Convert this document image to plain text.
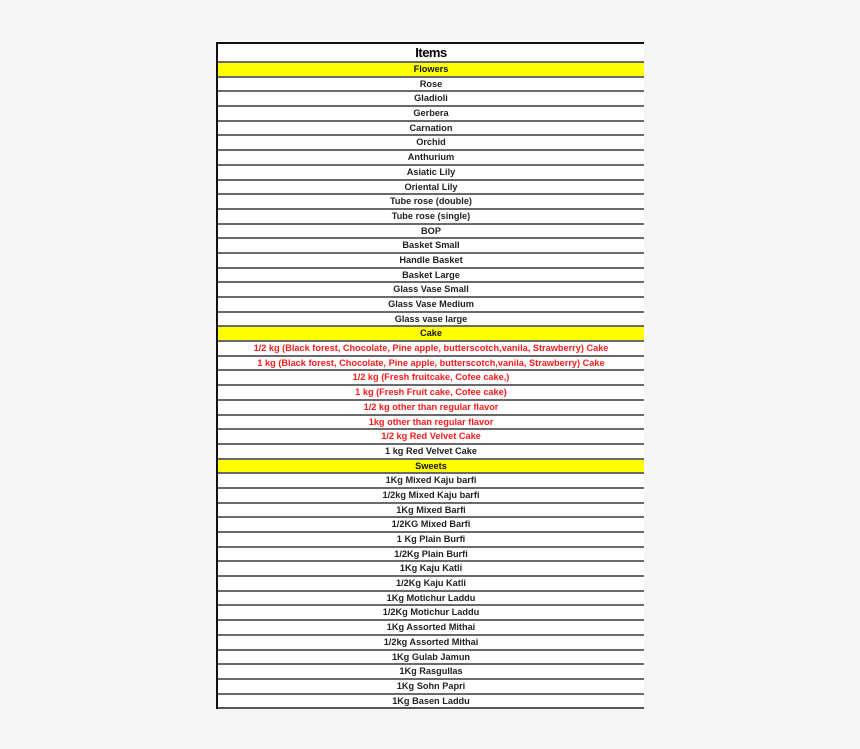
Items
Flowers
Rose
Gladioli
Gerbera
Carnation
Orchid
Anthurium
Asiatic Lily
Oriental Lily
Tube rose (double)
Tube rose (single)
BOP
Basket Small
Handle Basket
Basket Large
Glass Vase Small
Glass Vase Medium
Glass vase large
Cake
1/2 kg (Black forest, Chocolate, Pine apple, butterscotch,vanila, Strawberry) Cake
1 kg (Black forest, Chocolate, Pine apple, butterscotch,vanila, Strawberry) Cake
1/2 kg (Fresh fruitcake, Cofee cake,)
1 kg (Fresh Fruit cake, Cofee cake)
1/2 kg other than regular flavor
1kg other than regular flavor
1/2 kg Red Velvet Cake
1 kg Red Velvet Cake
Sweets
1Kg Mixed Kaju barfi
1/2kg Mixed Kaju barfi
1Kg Mixed Barfi
1/2KG Mixed Barfi
1 Kg Plain Burfi
1/2Kg Plain Burfi
1Kg Kaju Katli
1/2Kg Kaju Katli
1Kg Motichur Laddu
1/2Kg Motichur Laddu
1Kg Assorted Mithai
1/2kg Assorted Mithai
1Kg Gulab Jamun
1Kg Rasgullas
1Kg Sohn Papri
1Kg Basen Laddu
